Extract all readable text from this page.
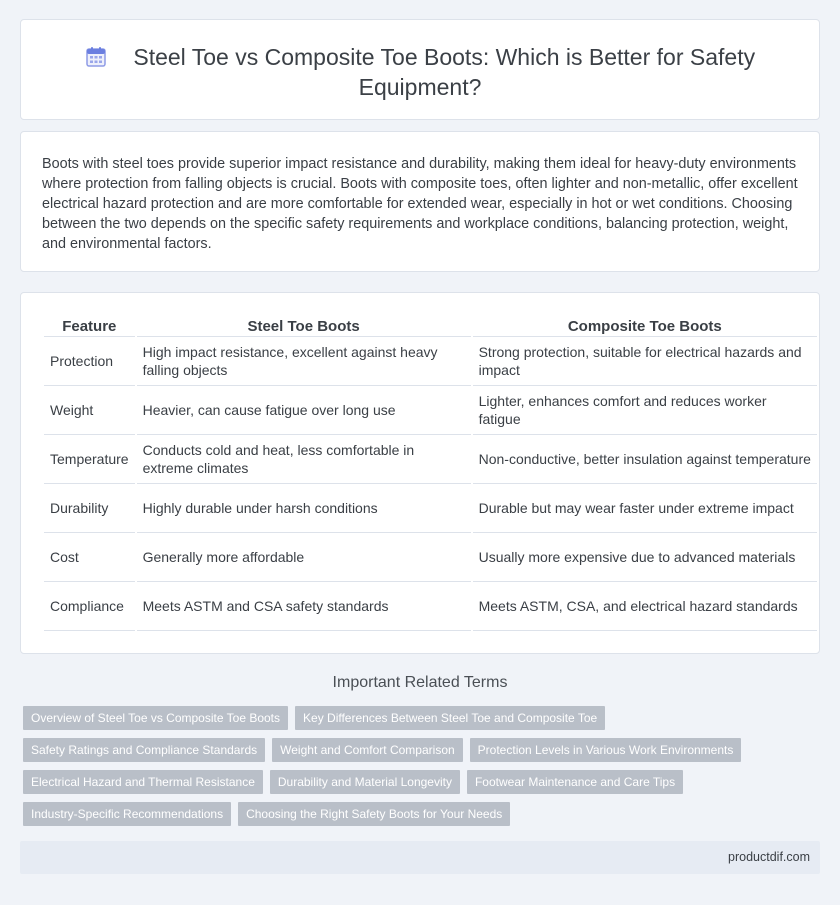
Steel Toe vs Composite Toe Boots: Which is Better for Safety Equipment?

Boots with steel toes provide superior impact resistance and durability, making them ideal for heavy-duty environments where protection from falling objects is crucial. Boots with composite toes, often lighter and non-metallic, offer excellent electrical hazard protection and are more comfortable for extended wear, especially in hot or wet conditions. Choosing between the two depends on the specific safety requirements and workplace conditions, balancing protection, weight, and environmental factors.

Feature	Steel Toe Boots	Composite Toe Boots
Protection	High impact resistance, excellent against heavy falling objects	Strong protection, suitable for electrical hazards and impact
Weight	Heavier, can cause fatigue over long use	Lighter, enhances comfort and reduces worker fatigue
Temperature	Conducts cold and heat, less comfortable in extreme climates	Non-conductive, better insulation against temperature
Durability	Highly durable under harsh conditions	Durable but may wear faster under extreme impact
Cost	Generally more affordable	Usually more expensive due to advanced materials
Compliance	Meets ASTM and CSA safety standards	Meets ASTM, CSA, and electrical hazard standards
Important Related Terms
Overview of Steel Toe vs Composite Toe Boots	Key Differences Between Steel Toe and Composite Toe
Safety Ratings and Compliance Standards	Weight and Comfort Comparison	Protection Levels in Various Work Environments
Electrical Hazard and Thermal Resistance	Durability and Material Longevity	Footwear Maintenance and Care Tips
Industry-Specific Recommendations	Choosing the Right Safety Boots for Your Needs
productdif.com
